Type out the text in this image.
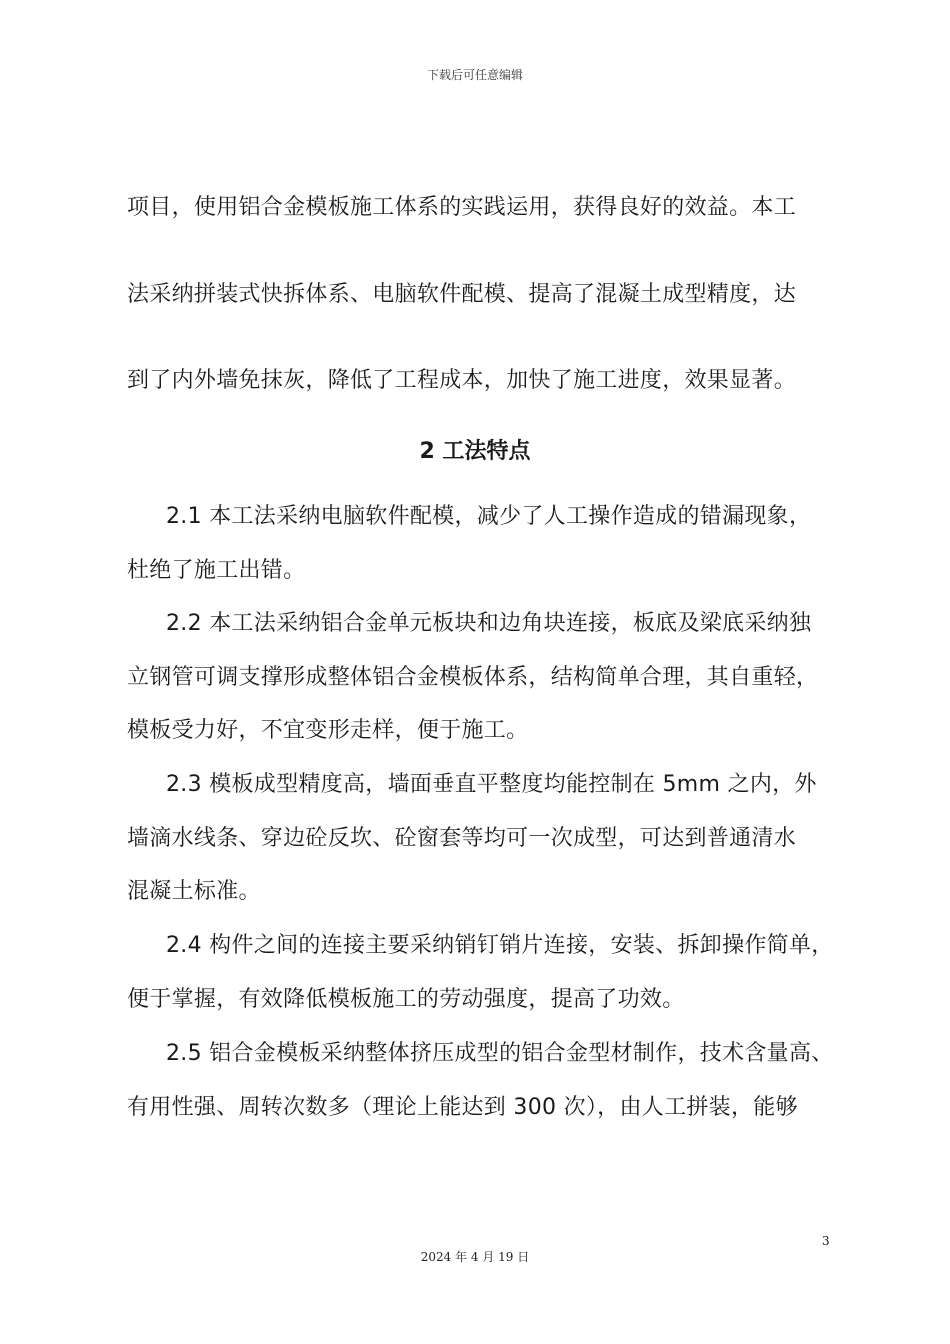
下载后可任意编辑
项目，使用铝合金模板施工体系的实践运用，获得良好的效益。本工
法采纳拼装式快拆体系、电脑软件配模、提高了混凝土成型精度，达
到了内外墙免抹灰，降低了工程成本，加快了施工进度，效果显著。
2 工法特点
2.1 本工法采纳电脑软件配模，减少了人工操作造成的错漏现象，
杜绝了施工出错。
2.2 本工法采纳铝合金单元板块和边角块连接，板底及梁底采纳独
立钢管可调支撑形成整体铝合金模板体系，结构简单合理，其自重轻，
模板受力好，不宜变形走样，便于施工。
2.3 模板成型精度高，墙面垂直平整度均能控制在 5mm 之内，外
墙滴水线条、穿边砼反坎、砼窗套等均可一次成型，可达到普通清水
混凝土标准。
2.4 构件之间的连接主要采纳销钉销片连接，安装、拆卸操作简单，
便于掌握，有效降低模板施工的劳动强度，提高了功效。
2.5 铝合金模板采纳整体挤压成型的铝合金型材制作，技术含量高、
有用性强、周转次数多（理论上能达到 300 次），由人工拼装，能够
3
2024 年 4 月 19 日
